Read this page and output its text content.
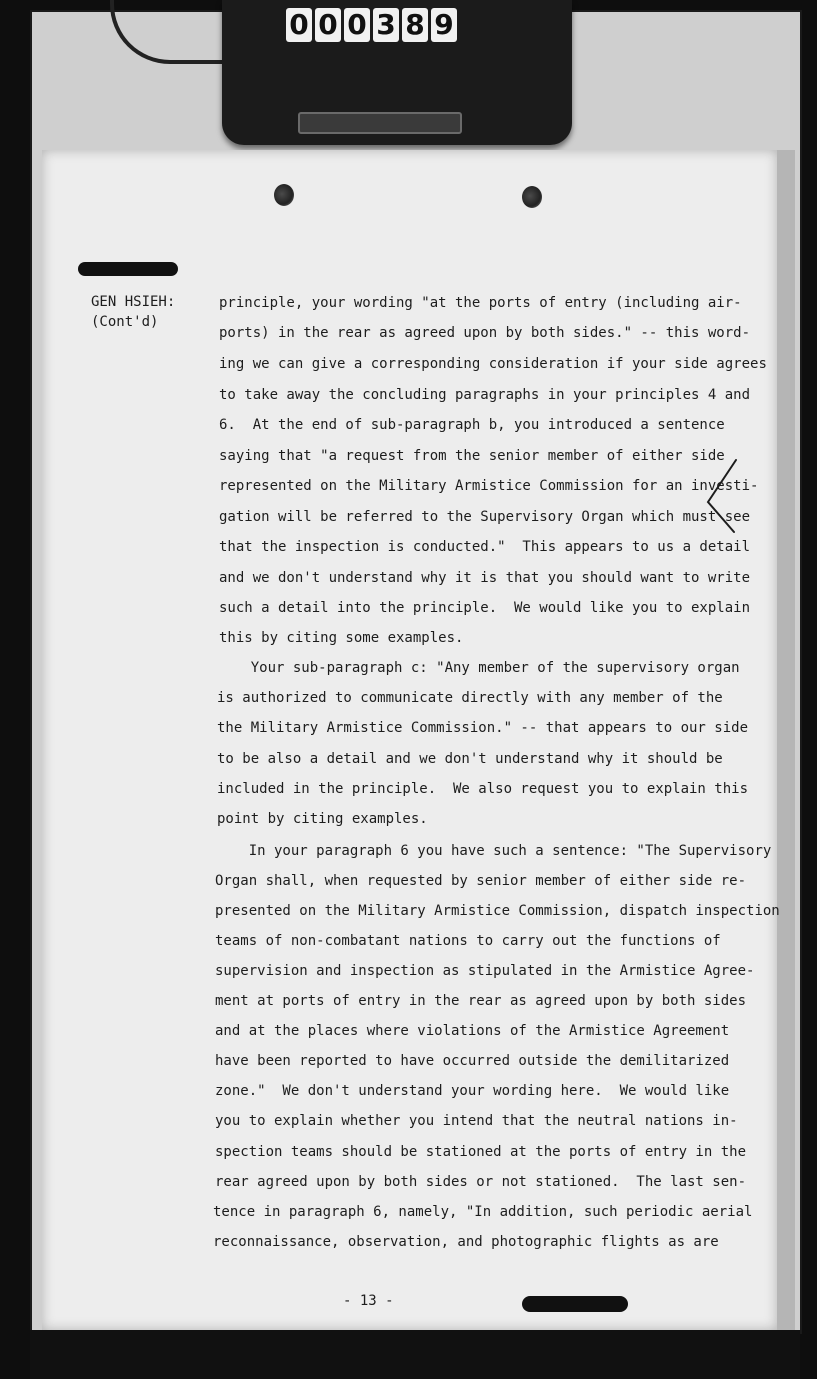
0 0 0 3 8 9
GEN HSIEH:
(Cont'd)
principle, your wording "at the ports of entry (including air-
ports) in the rear as agreed upon by both sides." -- this word-
ing we can give a corresponding consideration if your side agrees
to take away the concluding paragraphs in your principles 4 and
6.  At the end of sub-paragraph b, you introduced a sentence
saying that "a request from the senior member of either side
represented on the Military Armistice Commission for an investi-
gation will be referred to the Supervisory Organ which must see
that the inspection is conducted."  This appears to us a detail
and we don't understand why it is that you should want to write
such a detail into the principle.  We would like you to explain
this by citing some examples.
Your sub-paragraph c: "Any member of the supervisory organ
is authorized to communicate directly with any member of the
the Military Armistice Commission." -- that appears to our side
to be also a detail and we don't understand why it should be
included in the principle.  We also request you to explain this
point by citing examples.
In your paragraph 6 you have such a sentence: "The Supervisory
Organ shall, when requested by senior member of either side re-
presented on the Military Armistice Commission, dispatch inspection
teams of non-combatant nations to carry out the functions of
supervision and inspection as stipulated in the Armistice Agree-
ment at ports of entry in the rear as agreed upon by both sides
and at the places where violations of the Armistice Agreement
have been reported to have occurred outside the demilitarized
zone."  We don't understand your wording here.  We would like
you to explain whether you intend that the neutral nations in-
spection teams should be stationed at the ports of entry in the
rear agreed upon by both sides or not stationed.  The last sen-
tence in paragraph 6, namely, "In addition, such periodic aerial
reconnaissance, observation, and photographic flights as are
- 13 -
